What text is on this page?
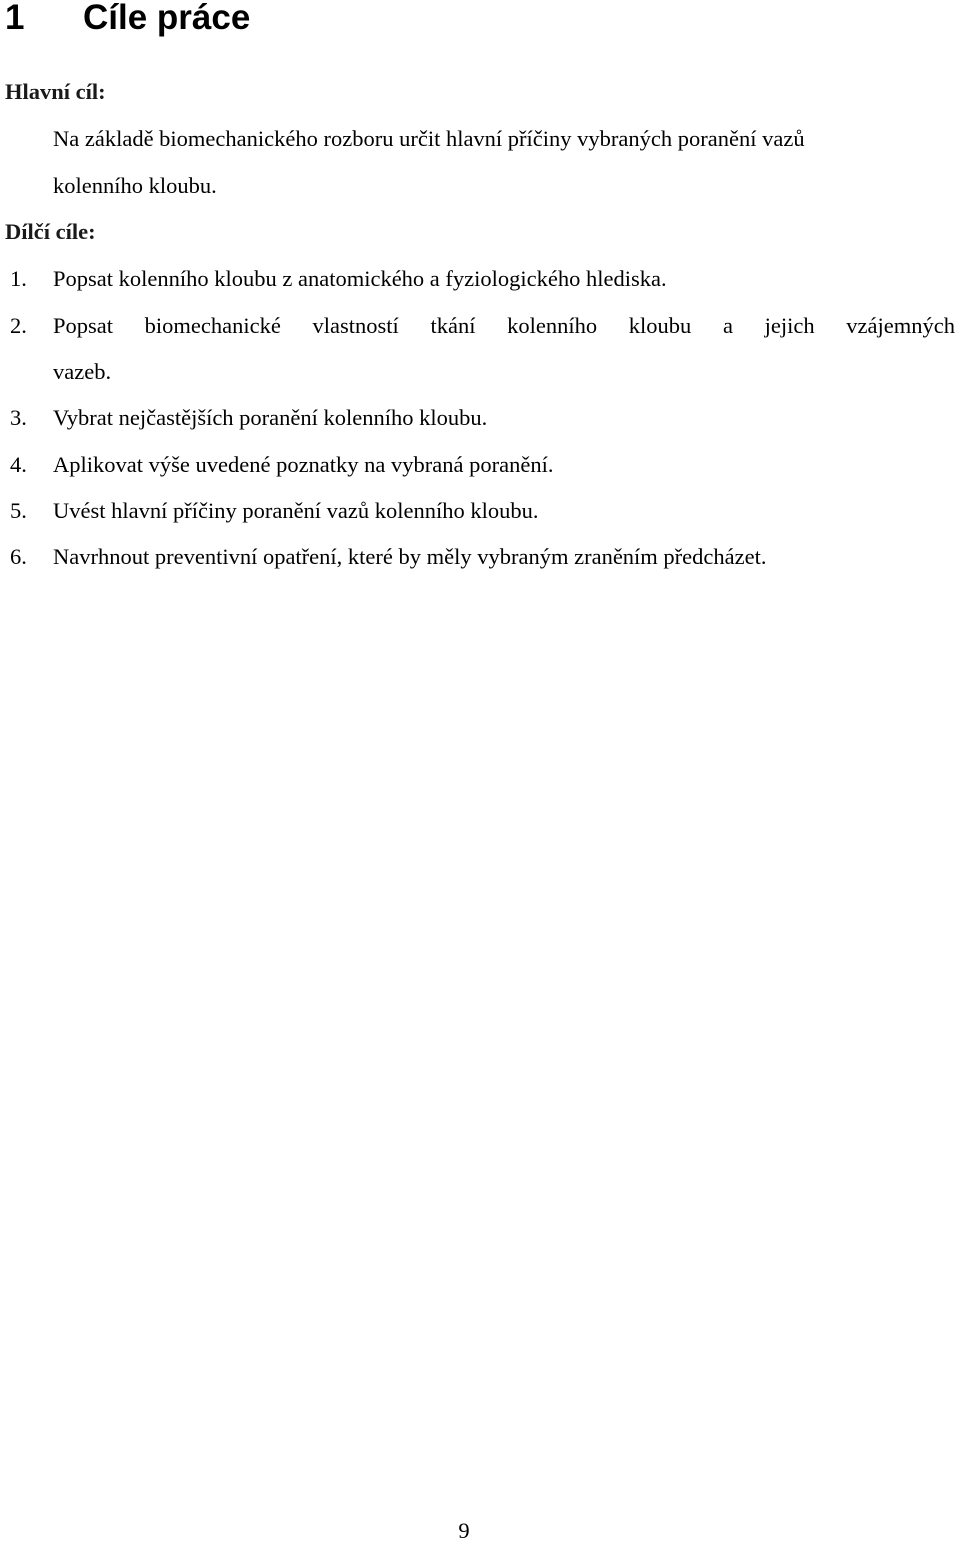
1 Cíle práce
Hlavní cíl:
Na základě biomechanického rozboru určit hlavní příčiny vybraných poranění vazů
kolenního kloubu.
Dílčí cíle:
1. Popsat kolenního kloubu z anatomického a fyziologického hlediska.
2. Popsat biomechanické vlastností tkání kolenního kloubu a jejich vzájemných
vazeb.
3. Vybrat nejčastějších poranění kolenního kloubu.
4. Aplikovat výše uvedené poznatky na vybraná poranění.
5. Uvést hlavní příčiny poranění vazů kolenního kloubu.
6. Navrhnout preventivní opatření, které by měly vybraným zraněním předcházet.
9
